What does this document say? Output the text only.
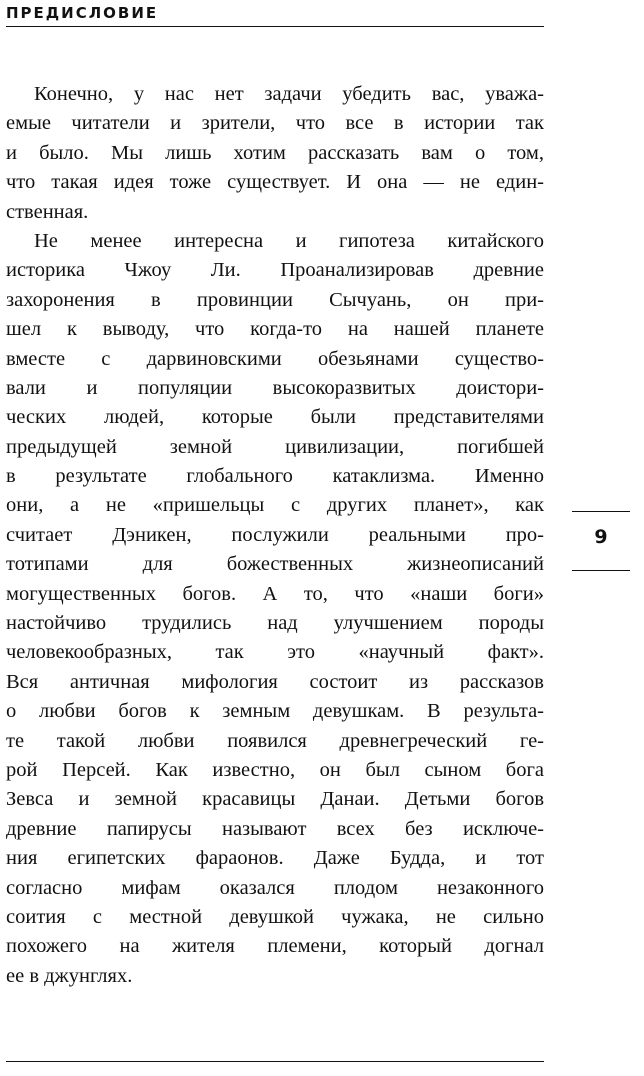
ПРЕДИСЛОВИЕ
Конечно, у нас нет задачи убедить вас, уважа-
емые читатели и зрители, что все в истории так
и было. Мы лишь хотим рассказать вам о том,
что такая идея тоже существует. И она — не един-
ственная.
Не менее интересна и гипотеза китайского
историка Чжоу Ли. Проанализировав древние
захоронения в провинции Сычуань, он при-
шел к выводу, что когда-то на нашей планете
вместе с дарвиновскими обезьянами существо-
вали и популяции высокоразвитых доистори-
ческих людей, которые были представителями
предыдущей земной цивилизации, погибшей
в результате глобального катаклизма. Именно
они, а не «пришельцы с других планет», как
считает Дэникен, послужили реальными про-
тотипами для божественных жизнеописаний
могущественных богов. А то, что «наши боги»
настойчиво трудились над улучшением породы
человекообразных, так это «научный факт».
Вся античная мифология состоит из рассказов
о любви богов к земным девушкам. В результа-
те такой любви появился древнегреческий ге-
рой Персей. Как известно, он был сыном бога
Зевса и земной красавицы Данаи. Детьми богов
древние папирусы называют всех без исключе-
ния египетских фараонов. Даже Будда, и тот
согласно мифам оказался плодом незаконного
соития с местной девушкой чужака, не сильно
похожего на жителя племени, который догнал
ее в джунглях.
9
